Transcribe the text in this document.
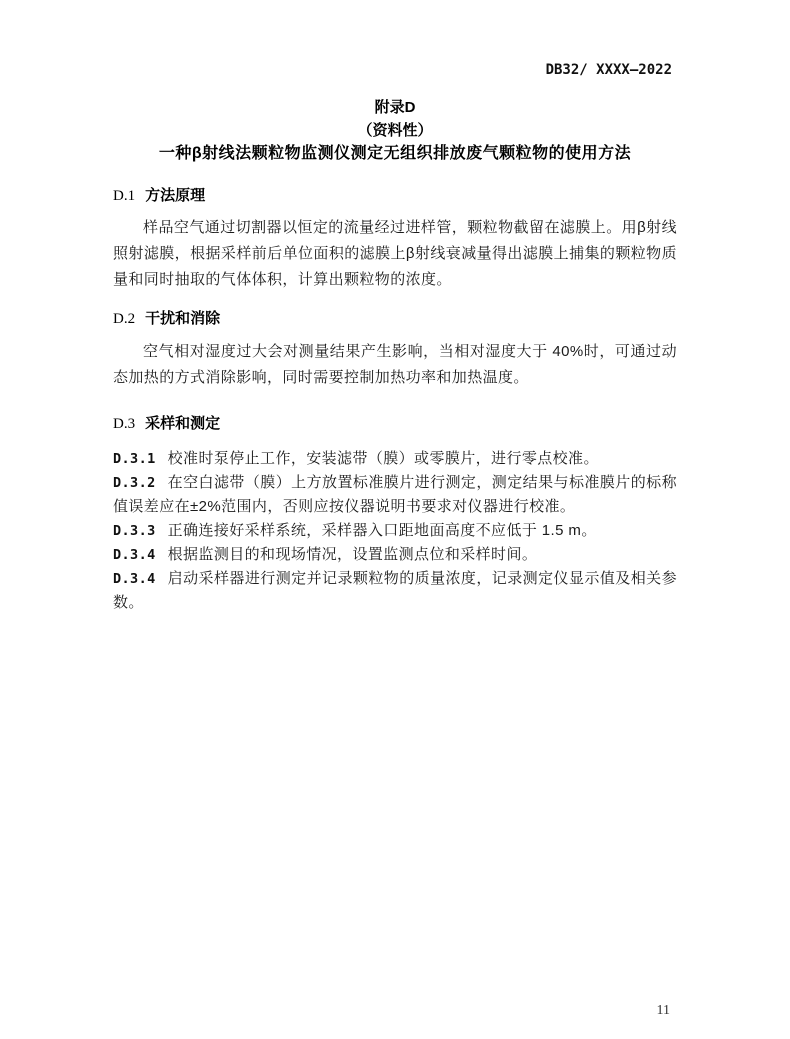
DB32/ XXXX—2022
附录D
（资料性）
一种β射线法颗粒物监测仪测定无组织排放废气颗粒物的使用方法
D.1 方法原理

样品空气通过切割器以恒定的流量经过进样管，颗粒物截留在滤膜上。用β射线照射滤膜，根据采样前后单位面积的滤膜上β射线衰减量得出滤膜上捕集的颗粒物质量和同时抽取的气体体积，计算出颗粒物的浓度。

D.2 干扰和消除

空气相对湿度过大会对测量结果产生影响，当相对湿度大于 40%时，可通过动态加热的方式消除影响，同时需要控制加热功率和加热温度。

D.3 采样和测定

D.3.1 校准时泵停止工作，安装滤带（膜）或零膜片，进行零点校准。

D.3.2 在空白滤带（膜）上方放置标准膜片进行测定，测定结果与标准膜片的标称值误差应在±2%范围内，否则应按仪器说明书要求对仪器进行校准。

D.3.3 正确连接好采样系统，采样器入口距地面高度不应低于 1.5 m。

D.3.4 根据监测目的和现场情况，设置监测点位和采样时间。

D.3.4 启动采样器进行测定并记录颗粒物的质量浓度，记录测定仪显示值及相关参数。

11
